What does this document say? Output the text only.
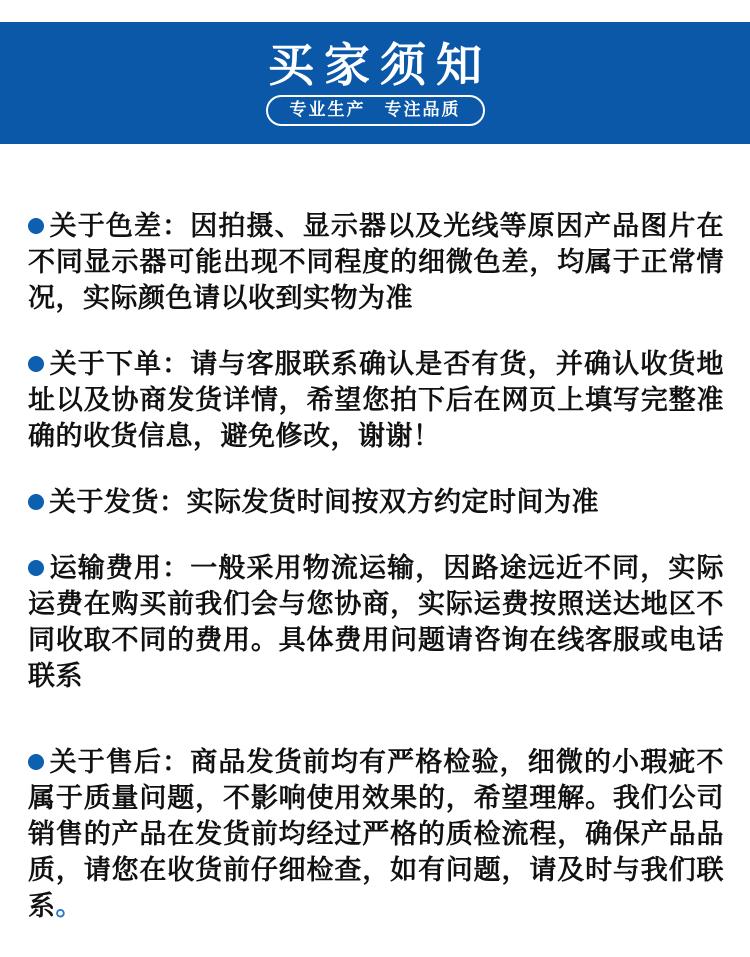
买家须知
专业生产　专注品质

关于色差：因拍摄、显示器以及光线等原因产品图片在不同显示器可能出现不同程度的细微色差，均属于正常情况，实际颜色请以收到实物为准

关于下单：请与客服联系确认是否有货，并确认收货地址以及协商发货详情，希望您拍下后在网页上填写完整准确的收货信息，避免修改，谢谢！

关于发货：实际发货时间按双方约定时间为准

运输费用：一般采用物流运输，因路途远近不同，实际运费在购买前我们会与您协商，实际运费按照送达地区不同收取不同的费用。具体费用问题请咨询在线客服或电话联系

关于售后：商品发货前均有严格检验，细微的小瑕疵不属于质量问题，不影响使用效果的，希望理解。我们公司销售的产品在发货前均经过严格的质检流程，确保产品品质，请您在收货前仔细检查，如有问题，请及时与我们联系。
